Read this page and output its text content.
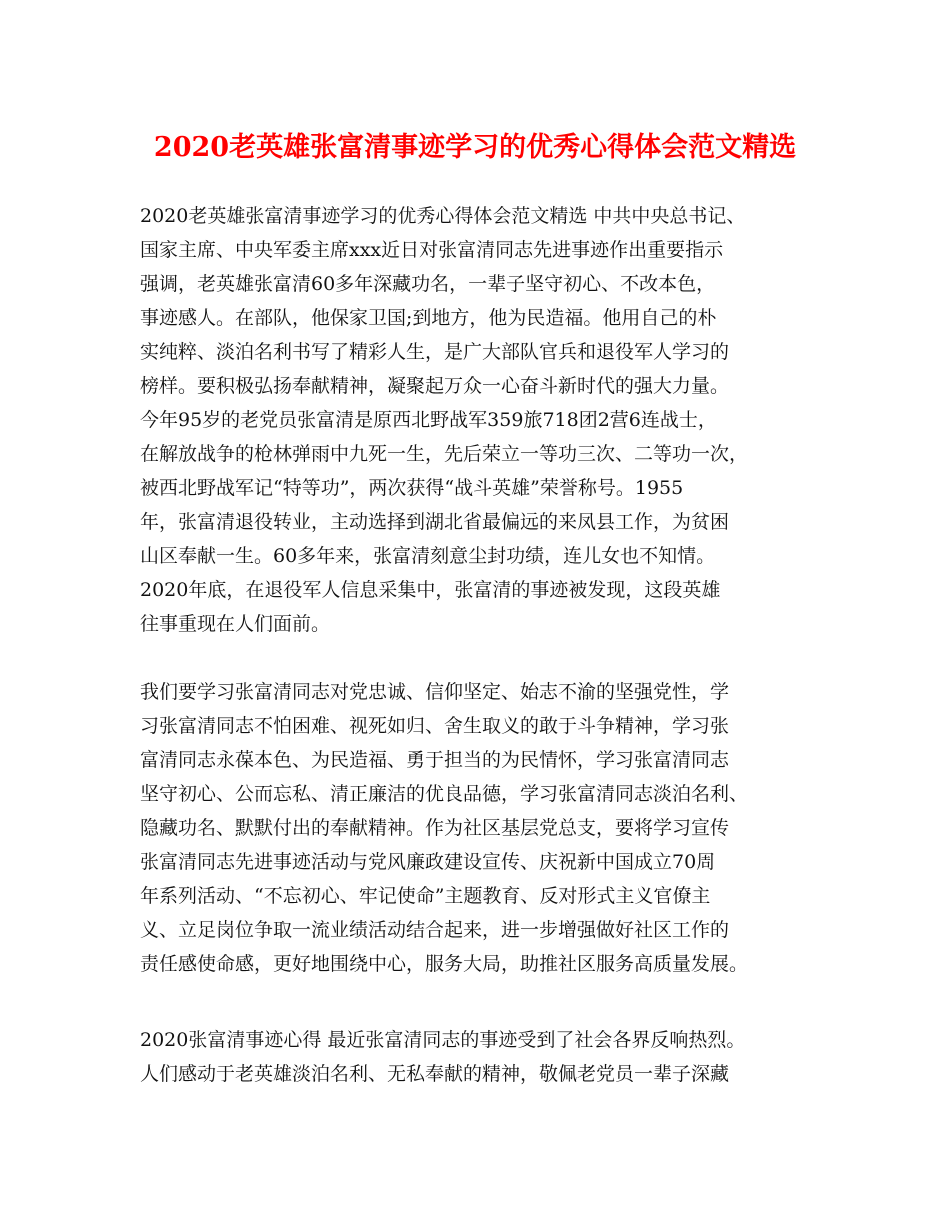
2020老英雄张富清事迹学习的优秀心得体会范文精选
2020老英雄张富清事迹学习的优秀心得体会范文精选 中共中央总书记、
国家主席、中央军委主席xxx近日对张富清同志先进事迹作出重要指示
强调，老英雄张富清60多年深藏功名，一辈子坚守初心、不改本色，
事迹感人。在部队，他保家卫国;到地方，他为民造福。他用自己的朴
实纯粹、淡泊名利书写了精彩人生，是广大部队官兵和退役军人学习的
榜样。要积极弘扬奉献精神，凝聚起万众一心奋斗新时代的强大力量。
今年95岁的老党员张富清是原西北野战军359旅718团2营6连战士，
在解放战争的枪林弹雨中九死一生，先后荣立一等功三次、二等功一次，
被西北野战军记“特等功”，两次获得“战斗英雄”荣誉称号。1955
年，张富清退役转业，主动选择到湖北省最偏远的来凤县工作，为贫困
山区奉献一生。60多年来，张富清刻意尘封功绩，连儿女也不知情。
2020年底，在退役军人信息采集中，张富清的事迹被发现，这段英雄
往事重现在人们面前。
我们要学习张富清同志对党忠诚、信仰坚定、始志不渝的坚强党性，学
习张富清同志不怕困难、视死如归、舍生取义的敢于斗争精神，学习张
富清同志永葆本色、为民造福、勇于担当的为民情怀，学习张富清同志
坚守初心、公而忘私、清正廉洁的优良品德，学习张富清同志淡泊名利、
隐藏功名、默默付出的奉献精神。作为社区基层党总支，要将学习宣传
张富清同志先进事迹活动与党风廉政建设宣传、庆祝新中国成立70周
年系列活动、“不忘初心、牢记使命”主题教育、反对形式主义官僚主
义、立足岗位争取一流业绩活动结合起来，进一步增强做好社区工作的
责任感使命感，更好地围绕中心，服务大局，助推社区服务高质量发展。
2020张富清事迹心得 最近张富清同志的事迹受到了社会各界反响热烈。
人们感动于老英雄淡泊名利、无私奉献的精神，敬佩老党员一辈子深藏
